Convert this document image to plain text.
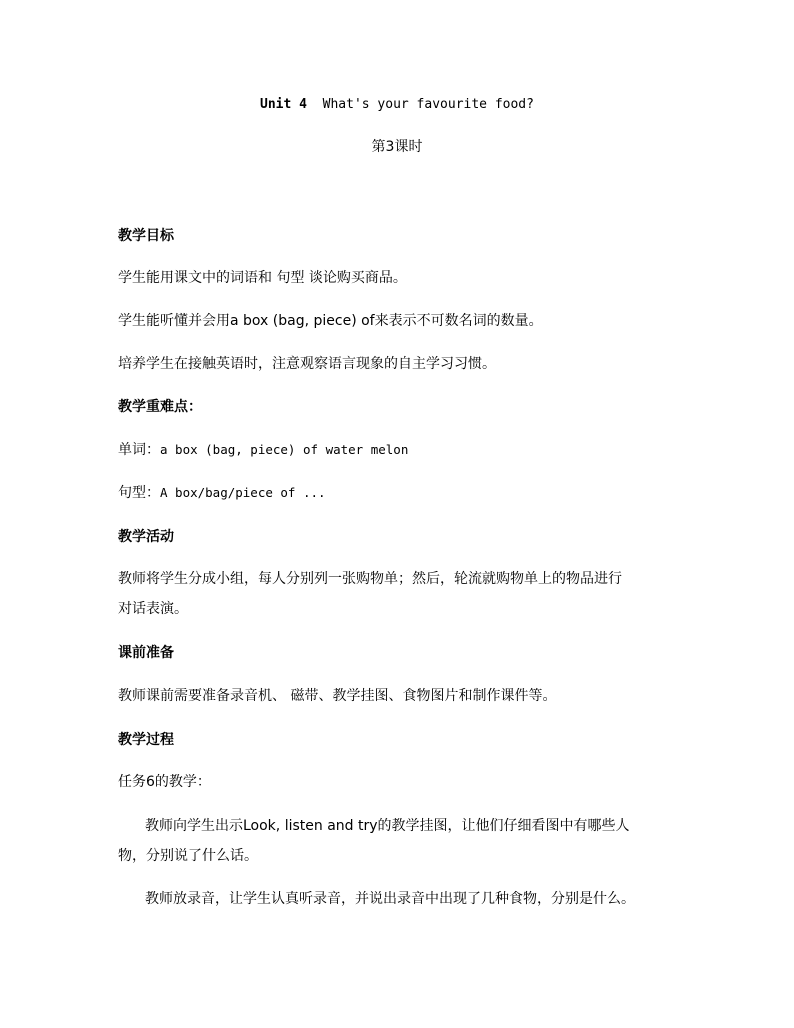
Unit 4 What's your favourite food?
第3课时
教学目标
学生能用课文中的词语和 句型 谈论购买商品。
学生能听懂并会用a box (bag, piece) of来表示不可数名词的数量。
培养学生在接触英语时，注意观察语言现象的自主学习习惯。
教学重难点：
单词：a box (bag, piece) of water melon
句型：A box/bag/piece of ...
教学活动
教师将学生分成小组，每人分别列一张购物单；然后，轮流就购物单上的物品进行
对话表演。
课前准备
教师课前需要准备录音机、 磁带、教学挂图、食物图片和制作课件等。
教学过程
任务6的教学：
教师向学生出示Look, listen and try的教学挂图，让他们仔细看图中有哪些人
物，分别说了什么话。
教师放录音，让学生认真听录音，并说出录音中出现了几种食物，分别是什么。
